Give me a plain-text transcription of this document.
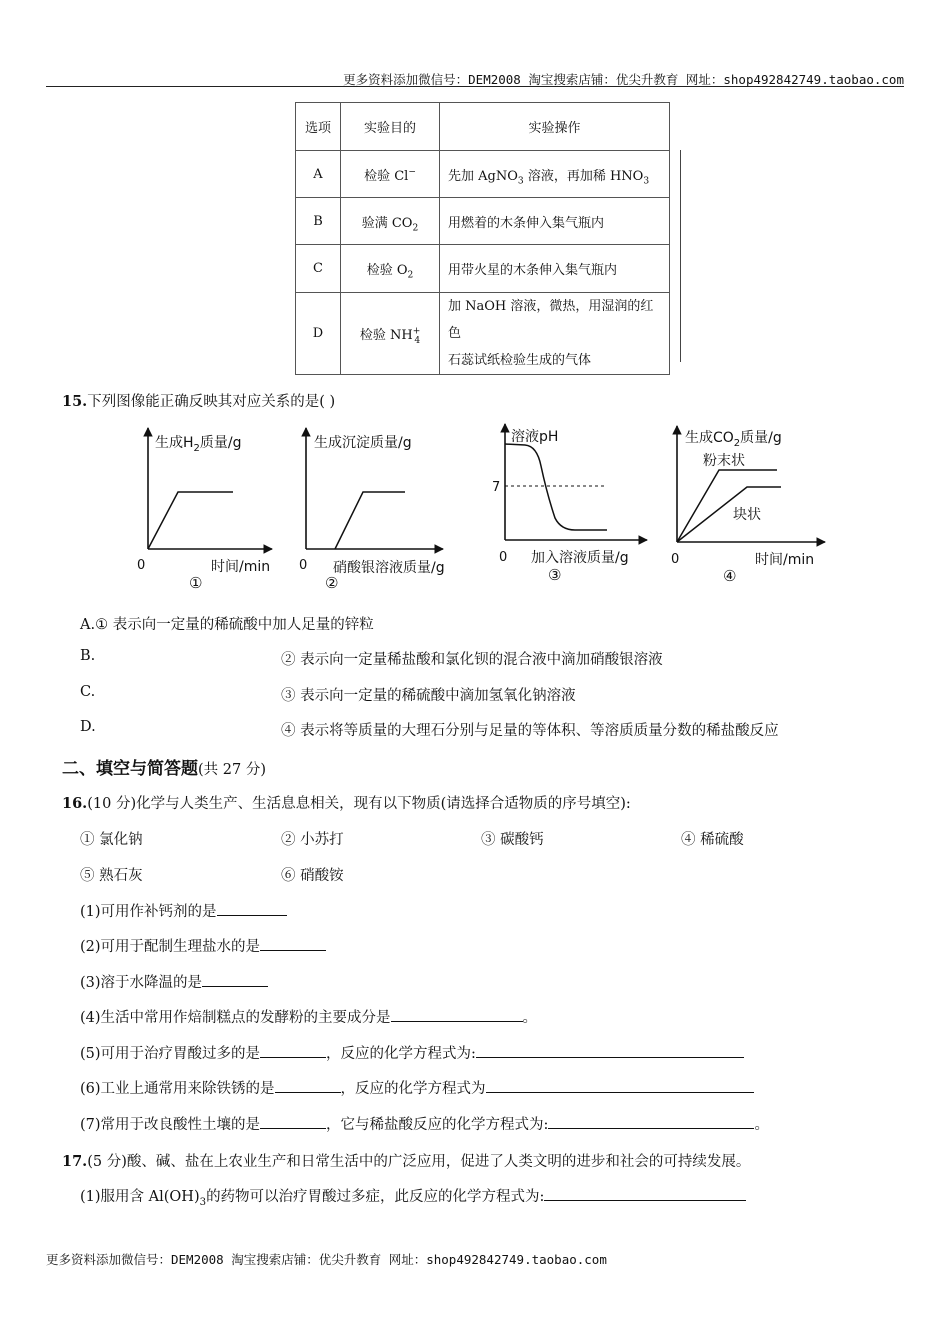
更多资料添加微信号：DEM2008 淘宝搜索店铺：优尖升教育 网址：shop492842749.taobao.com
选项	实验目的	实验操作
A	检验 Cl−	先加 AgNO$_3$ 溶液，再加稀 $HNO_3$
B	验满 $CO_2$	用燃着的木条伸入集气瓶内
C	检验 $O_2$	用带火星的木条伸入集气瓶内
D	检验 $NH^+_4$	加 NaOH 溶液，微热，用湿润的红色
石蕊试纸检验生成的气体
15.下列图像能正确反映其对应关系的是( )
生成$H_2$质量/g
0	时间/min
①
生成沉淀质量/g
0 硝酸银溶液质量/g
②
溶液pH
7
0 加入溶液质量/g
③
生成$CO_2$质量/g
粉末状
块状
0	时间/min
④
A.① 表示向一定量的稀硫酸中加人足量的锌粒
B.	② 表示向一定量稀盐酸和氯化钡的混合液中滴加硝酸银溶液
C.	③ 表示向一定量的稀硫酸中滴加氢氧化钠溶液
D.	④ 表示将等质量的大理石分别与足量的等体积、等溶质质量分数的稀盐酸反应
二、填空与简答题(共 27 分)
16.(10 分)化学与人类生产、生活息息相关，现有以下物质(请选择合适物质的序号填空):
① 氯化钠	② 小苏打	③ 碳酸钙	④ 稀硫酸
⑤ 熟石灰	⑥ 硝酸铵
(1)可用作补钙剂的是
(2)可用于配制生理盐水的是
(3)溶于水降温的是
(4)生活中常用作焙制糕点的发酵粉的主要成分是	。
(5)可用于治疗胃酸过多的是	，反应的化学方程式为:
(6)工业上通常用来除铁锈的是	，反应的化学方程式为
(7)常用于改良酸性土壤的是	，它与稀盐酸反应的化学方程式为:	。
17.(5 分)酸、碱、盐在上农业生产和日常生活中的广泛应用，促进了人类文明的进步和社会的可持续发展。
(1)服用含 $Al(OH)_3$的药物可以治疗胃酸过多症，此反应的化学方程式为:
更多资料添加微信号：DEM2008 淘宝搜索店铺：优尖升教育 网址：shop492842749.taobao.com
